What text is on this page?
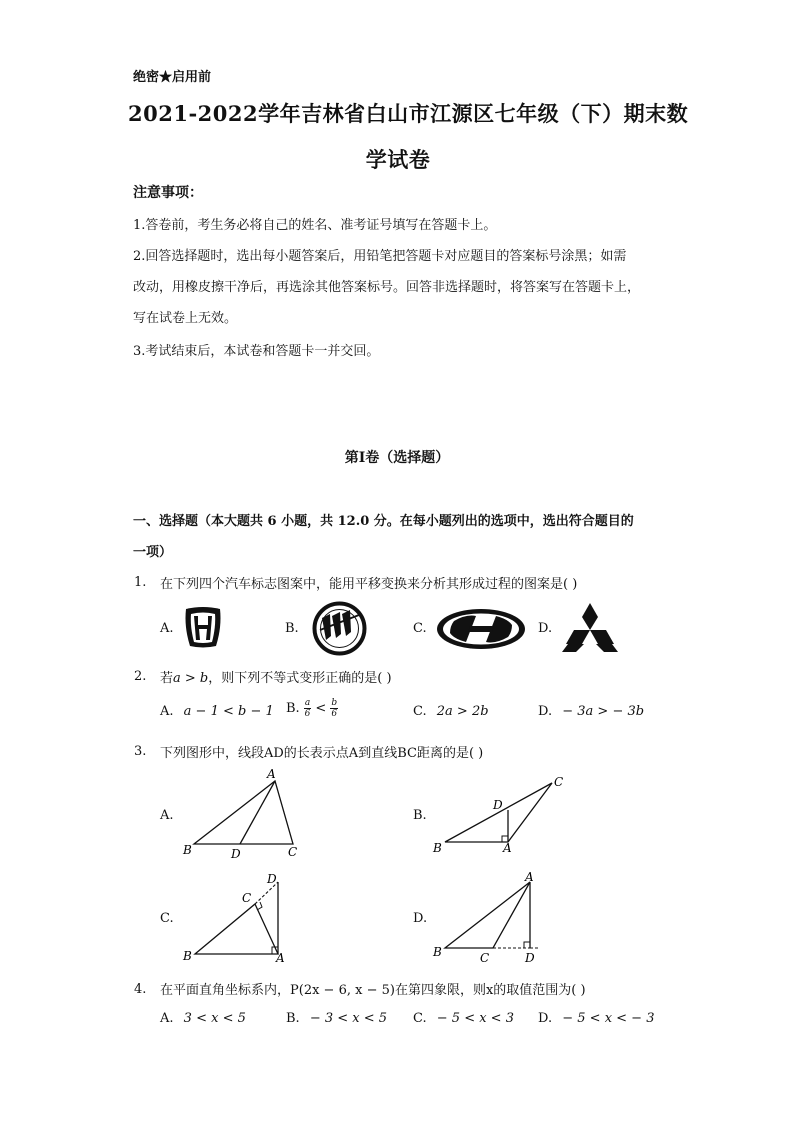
绝密★启用前
2021-2022学年吉林省白山市江源区七年级（下）期末数
学试卷
注意事项：
1.答卷前，考生务必将自己的姓名、准考证号填写在答题卡上。
2.回答选择题时，选出每小题答案后，用铅笔把答题卡对应题目的答案标号涂黑；如需
改动，用橡皮擦干净后，再选涂其他答案标号。回答非选择题时，将答案写在答题卡上，
写在试卷上无效。
3.考试结束后，本试卷和答题卡一并交回。
第Ⅰ卷（选择题）
一、选择题（本大题共 6 小题，共 12.0 分。在每小题列出的选项中，选出符合题目的
一项）
1. 在下列四个汽车标志图案中，能用平移变换来分析其形成过程的图案是( )
A.	B.	C.	D.
2. 若a > b，则下列不等式变形正确的是( )
A. a − 1 < b − 1 B. $\frac{a}{6} < \frac{b}{6}$	C. 2a > 2b	D. − 3a > − 3b
3. 下列图形中，线段AD的长表示点A到直线BC距离的是( )
A.
A
B	C
D
B.
B	A
C
D
C.
B	A
C
D
D.
B
A
C	D
4. 在平面直角坐标系内，P(2x − 6, x − 5)在第四象限，则x的取值范围为( )
A. 3 < x < 5	B. − 3 < x < 5 C. − 5 < x < 3 D. − 5 < x < − 3
